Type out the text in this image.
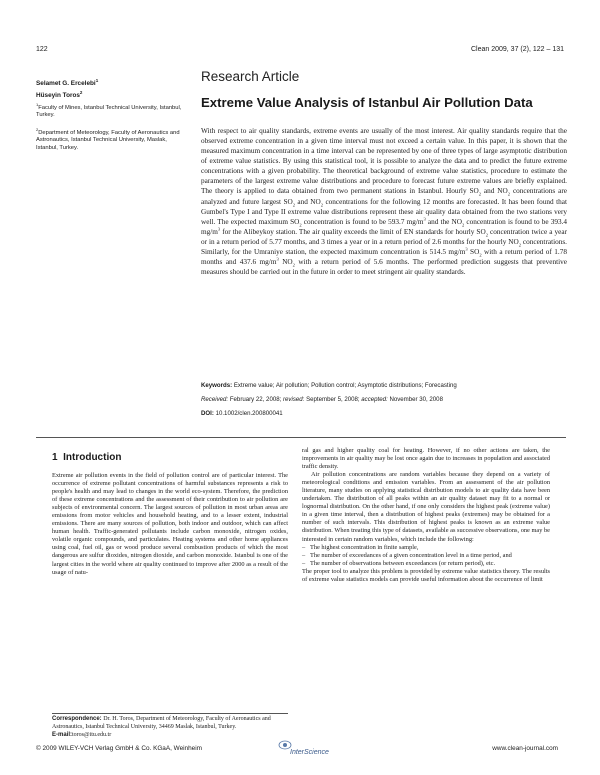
122	Clean 2009, 37 (2), 122 – 131
Selamet G. Ercelebi$^1$
Hüseyin Toros$^2$
$^1$Faculty of Mines, Istanbul Technical University, Istanbul, Turkey.
$^2$Department of Meteorology, Faculty of Aeronautics and Astronautics, Istanbul Technical University, Maslak, Istanbul, Turkey.
Research Article
Extreme Value Analysis of Istanbul Air Pollution Data
With respect to air quality standards, extreme events are usually of the most interest. Air quality standards require that the observed extreme concentration in a given time interval must not exceed a certain value. In this paper, it is shown that the measured maximum concentration in a time interval can be represented by one of three types of large asymptotic distribution of extreme value statistics. By using this statistical tool, it is possible to analyze the data and to predict the future extreme concentrations with a given probability. The theoretical background of extreme value statistics, procedure to estimate the parameters of the largest extreme value distributions and procedure to forecast future extreme values are briefly explained. The theory is applied to data obtained from two permanent stations in Istanbul. Hourly $SO_2$ and $NO_2$ concentrations are analyzed and future largest $SO_2$ and $NO_2$ concentrations for the following 12 months are forecasted. It has been found that Gumbel's Type I and Type II extreme value distributions represent these air quality data obtained from the two stations very well. The expected maximum $SO_2$ concentration is found to be 593.7 $mg/m^3$ and the $NO_2$ concentration is found to be 393.4 $mg/m^3$ for the Alibeykoy station. The air quality exceeds the limit of EN standards for hourly $SO_2$ concentration twice a year or in a return period of 5.77 months, and 3 times a year or in a return period of 2.6 months for the hourly $NO_2$ concentrations. Similarly, for the Umraniye station, the expected maximum concentration is 514.5 $mg/m^3$ $SO_2$ with a return period of 1.78 months and 437.6 $mg/m^3$ $NO_2$ with a return period of 5.6 months. The performed prediction suggests that preventive measures should be carried out in the future in order to meet stringent air quality standards.
Keywords: Extreme value; Air pollution; Pollution control; Asymptotic distributions; Forecasting
Received: February 22, 2008; revised: September 5, 2008; accepted: November 30, 2008
DOI: 10.1002/clen.200800041
1 Introduction

Extreme air pollution events in the field of pollution control are of particular interest. The occurrence of extreme pollutant concentrations of harmful substances represents a risk to people's health and may lead to changes in the world eco-system. Therefore, the prediction of these extreme concentrations and the assessment of their contribution to air pollution are subjects of environmental concern. The largest sources of pollution in most urban areas are emissions from motor vehicles and household heating, and to a lesser extent, industrial emissions. There are many sources of pollution, both indoor and outdoor, which can affect human health. Traffic-generated pollutants include carbon monoxide, nitrogen oxides, volatile organic compounds, and particulates. Heating systems and other home appliances using coal, fuel oil, gas or wood produce several combustion products of which the most dangerous are sulfur dioxides, nitrogen dioxide, and carbon monoxide. Istanbul is one of the largest cities in the world where air quality continued to improve after 2000 as a result of the usage of natu-

ral gas and higher quality coal for heating. However, if no other actions are taken, the improvements in air quality may be lost once again due to increases in population and associated traffic density.

Air pollution concentrations are random variables because they depend on a variety of meteorological conditions and emission variables. From an assessment of the air pollution literature, many studies on applying statistical distribution models to air quality data have been undertaken. The distribution of all peaks within an air quality dataset may fit to a normal or lognormal distribution. On the other hand, if one only considers the highest peak (extreme value) in a given time interval, then a distribution of highest peaks (extremes) may be obtained for a number of such intervals. This distribution of highest peaks is known as an extreme value distribution. When treating this type of datasets, available as successive observations, one may be interested in certain random variables, which include the following:

–   The highest concentration in finite sample,
–   The number of exceedances of a given concentration level in a time period, and
–   The number of observations between exceedances (or return period), etc.

The proper tool to analyze this problem is provided by extreme value statistics theory. The results of extreme value statistics models can provide useful information about the occurrence of limit

Correspondence: Dr. H. Toros, Department of Meteorology, Faculty of Aeronautics and Astronautics, Istanbul Technical University, 34469 Maslak, Istanbul, Turkey.
E-mail:toros@itu.edu.tr
© 2009 WILEY-VCH Verlag GmbH & Co. KGaA, Weinheim
InterScience
www.clean-journal.com
